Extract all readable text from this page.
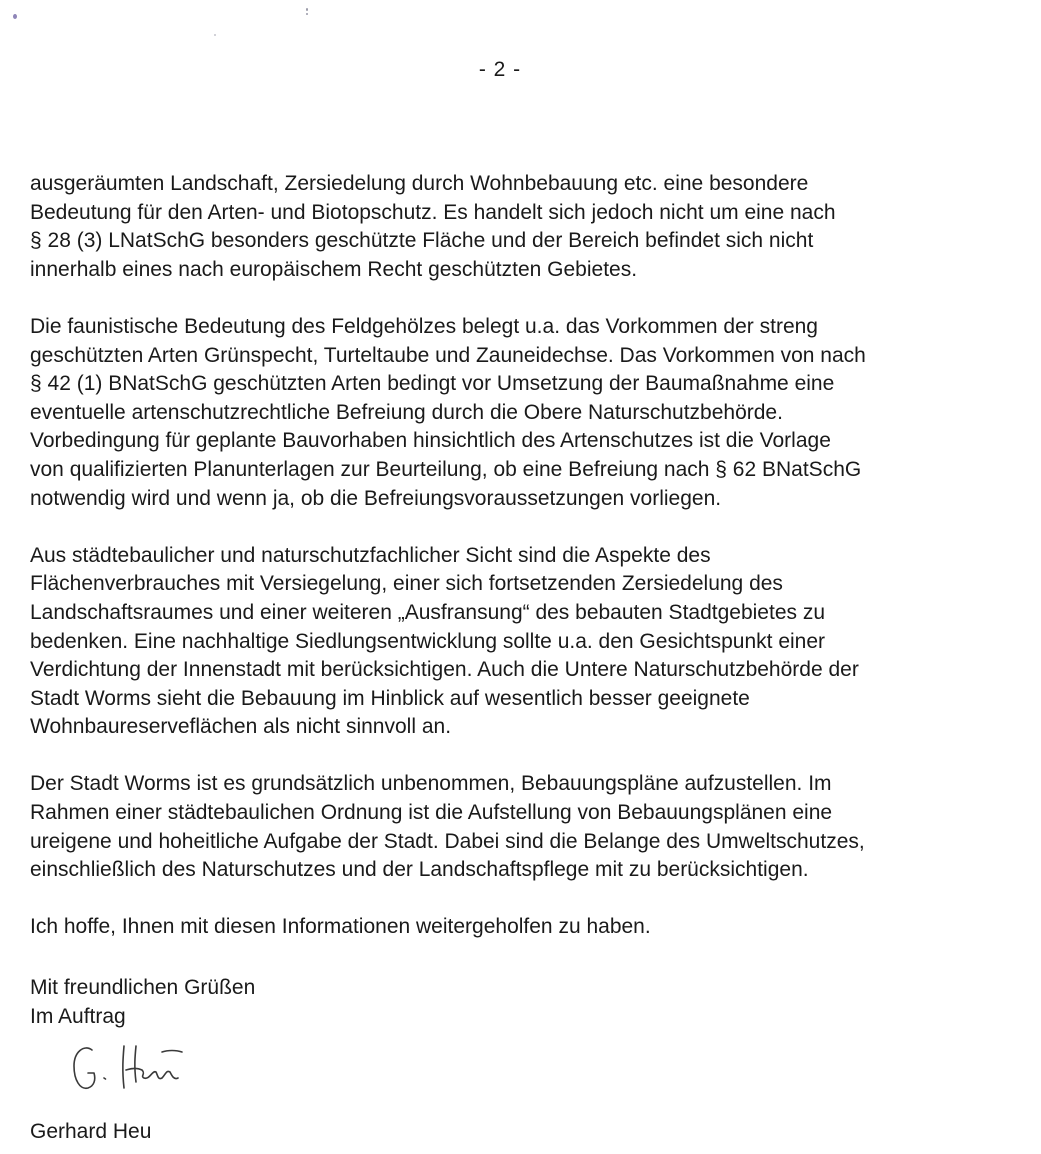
- 2 -
ausgeräumten Landschaft, Zersiedelung durch Wohnbebauung etc. eine besondere
Bedeutung für den Arten- und Biotopschutz. Es handelt sich jedoch nicht um eine nach
§ 28 (3) LNatSchG besonders geschützte Fläche und der Bereich befindet sich nicht
innerhalb eines nach europäischem Recht geschützten Gebietes.
Die faunistische Bedeutung des Feldgehölzes belegt u.a. das Vorkommen der streng
geschützten Arten Grünspecht, Turteltaube und Zauneidechse. Das Vorkommen von nach
§ 42 (1) BNatSchG geschützten Arten bedingt vor Umsetzung der Baumaßnahme eine
eventuelle artenschutzrechtliche Befreiung durch die Obere Naturschutzbehörde.
Vorbedingung für geplante Bauvorhaben hinsichtlich des Artenschutzes ist die Vorlage
von qualifizierten Planunterlagen zur Beurteilung, ob eine Befreiung nach § 62 BNatSchG
notwendig wird und wenn ja, ob die Befreiungsvoraussetzungen vorliegen.
Aus städtebaulicher und naturschutzfachlicher Sicht sind die Aspekte des
Flächenverbrauches mit Versiegelung, einer sich fortsetzenden Zersiedelung des
Landschaftsraumes und einer weiteren „Ausfransung“ des bebauten Stadtgebietes zu
bedenken. Eine nachhaltige Siedlungsentwicklung sollte u.a. den Gesichtspunkt einer
Verdichtung der Innenstadt mit berücksichtigen. Auch die Untere Naturschutzbehörde der
Stadt Worms sieht die Bebauung im Hinblick auf wesentlich besser geeignete
Wohnbaureserveflächen als nicht sinnvoll an.
Der Stadt Worms ist es grundsätzlich unbenommen, Bebauungspläne aufzustellen. Im
Rahmen einer städtebaulichen Ordnung ist die Aufstellung von Bebauungsplänen eine
ureigene und hoheitliche Aufgabe der Stadt. Dabei sind die Belange des Umweltschutzes,
einschließlich des Naturschutzes und der Landschaftspflege mit zu berücksichtigen.
Ich hoffe, Ihnen mit diesen Informationen weitergeholfen zu haben.
Mit freundlichen Grüßen
Im Auftrag
Gerhard Heu
